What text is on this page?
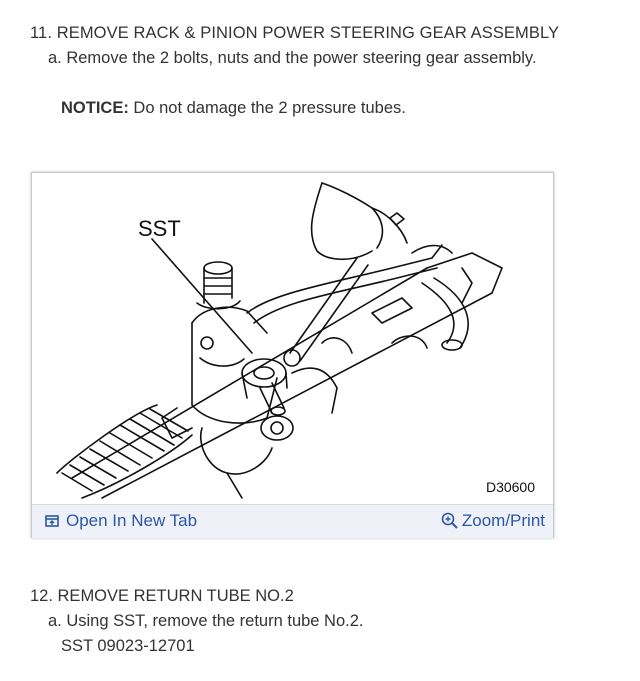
11. REMOVE RACK & PINION POWER STEERING GEAR ASSEMBLY
a. Remove the 2 bolts, nuts and the power steering gear assembly.
NOTICE: Do not damage the 2 pressure tubes.
SST
D30600
Open In New Tab	Zoom/Print
12. REMOVE RETURN TUBE NO.2
a. Using SST, remove the return tube No.2.
SST 09023-12701
